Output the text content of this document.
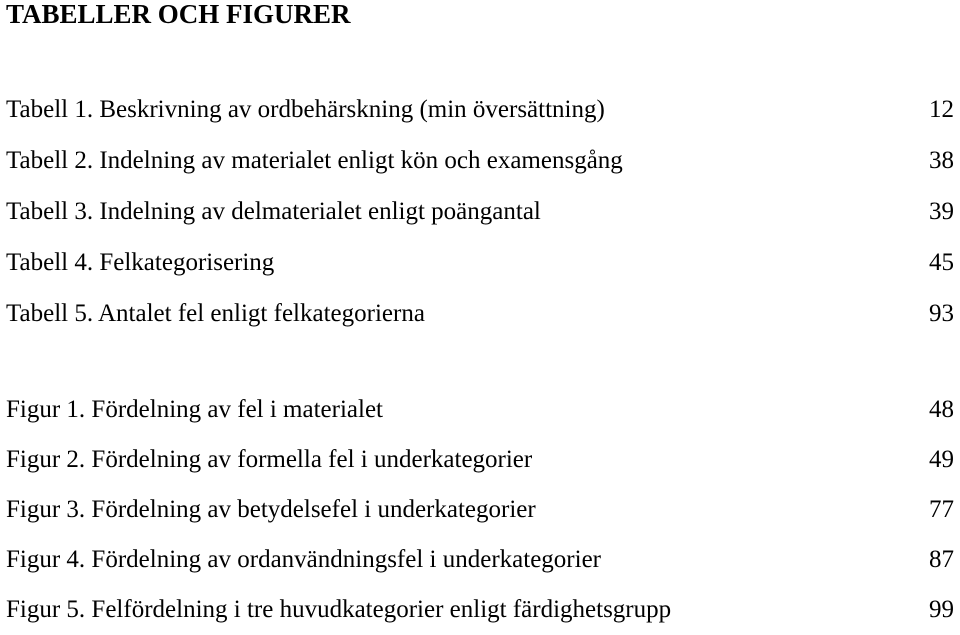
TABELLER OCH FIGURER
Tabell 1. Beskrivning av ordbehärskning (min översättning)	12
Tabell 2. Indelning av materialet enligt kön och examensgång	38
Tabell 3. Indelning av delmaterialet enligt poängantal	39
Tabell 4. Felkategorisering	45
Tabell 5. Antalet fel enligt felkategorierna	93
Figur 1. Fördelning av fel i materialet	48
Figur 2. Fördelning av formella fel i underkategorier	49
Figur 3. Fördelning av betydelsefel i underkategorier	77
Figur 4. Fördelning av ordanvändningsfel i underkategorier	87
Figur 5. Felfördelning i tre huvudkategorier enligt färdighetsgrupp	99
